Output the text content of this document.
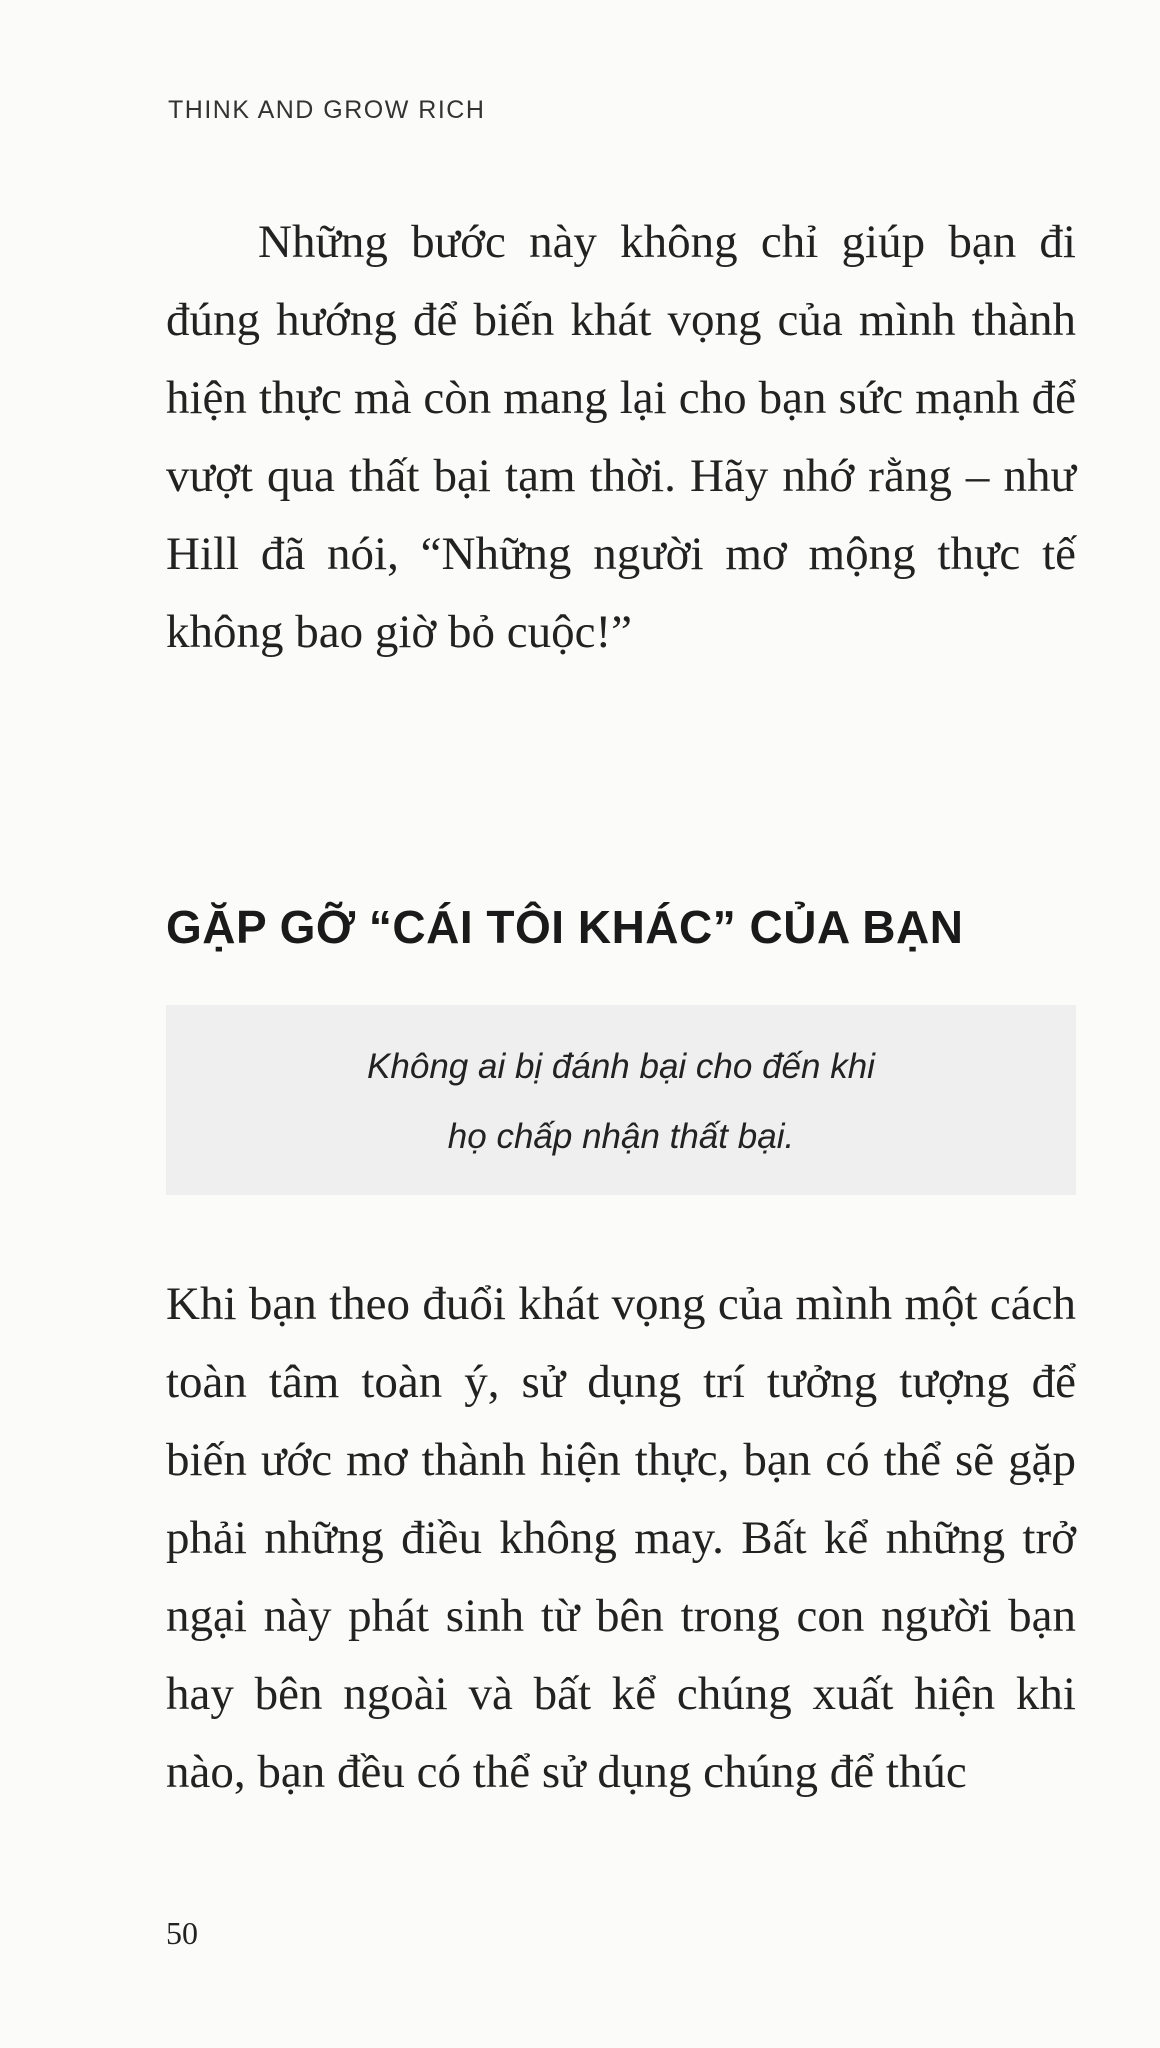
THINK AND GROW RICH

Những bước này không chỉ giúp bạn đi đúng hướng để biến khát vọng của mình thành hiện thực mà còn mang lại cho bạn sức mạnh để vượt qua thất bại tạm thời. Hãy nhớ rằng – như Hill đã nói, “Những người mơ mộng thực tế không bao giờ bỏ cuộc!”

GẶP GỠ “CÁI TÔI KHÁC” CỦA BẠN
Không ai bị đánh bại cho đến khi
họ chấp nhận thất bại.

Khi bạn theo đuổi khát vọng của mình một cách toàn tâm toàn ý, sử dụng trí tưởng tượng để biến ước mơ thành hiện thực, bạn có thể sẽ gặp phải những điều không may. Bất kể những trở ngại này phát sinh từ bên trong con người bạn hay bên ngoài và bất kể chúng xuất hiện khi nào, bạn đều có thể sử dụng chúng để thúc

50
